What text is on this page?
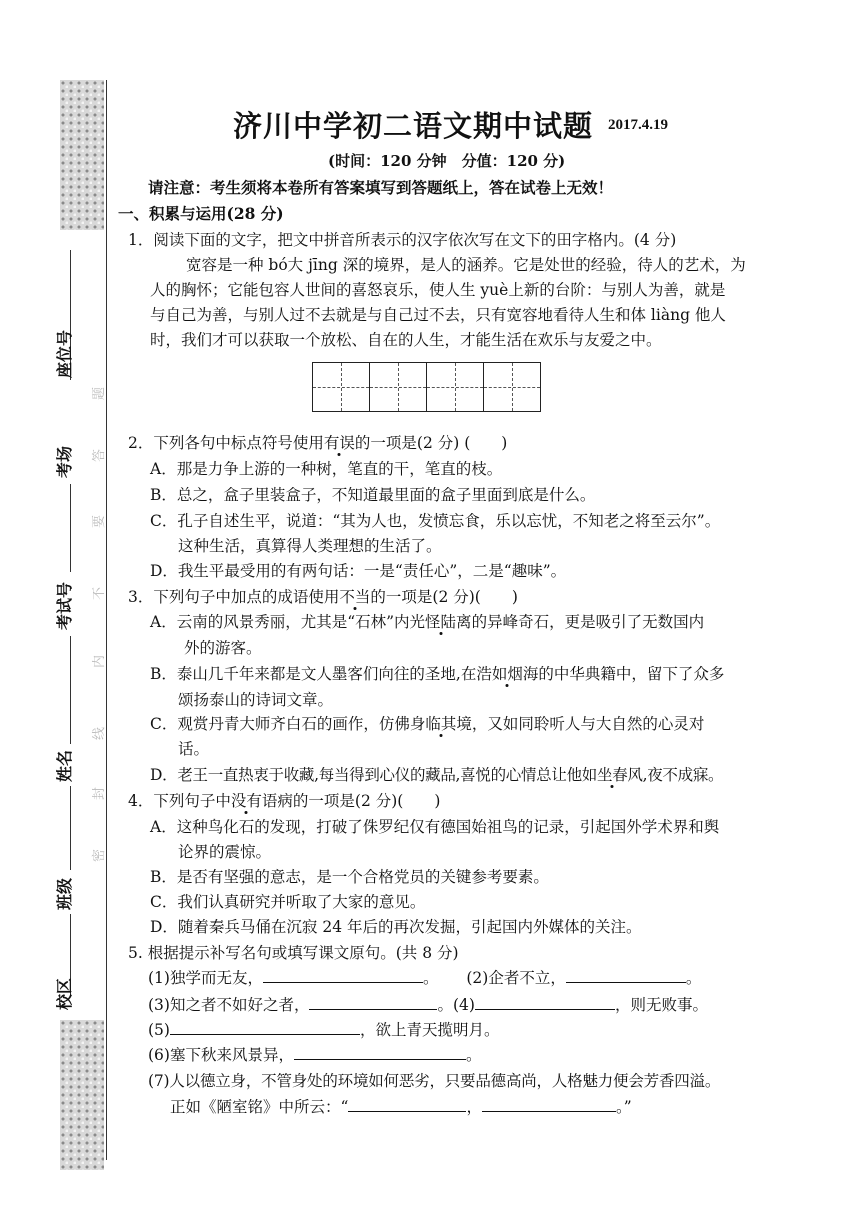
座位号
考场
考试号
姓名
班级
校区
题
答
要
不
内
线
封
密
济川中学初二语文期中试题 2017.4.19
(时间：120 分钟　分值：120 分)
请注意：考生须将本卷所有答案填写到答题纸上，答在试卷上无效！
一、积累与运用(28 分)
1．阅读下面的文字，把文中拼音所表示的汉字依次写在文下的田字格内。(4 分)
宽容是一种 bó大 jīng 深的境界，是人的涵养。它是处世的经验，待人的艺术，为
人的胸怀；它能包容人世间的喜怒哀乐，使人生 yuè上新的台阶：与别人为善，就是
与自己为善，与别人过不去就是与自己过不去，只有宽容地看待人生和体 liàng 他人
时，我们才可以获取一个放松、自在的人生，才能生活在欢乐与友爱之中。
2．下列各句中标点符号使用有误的一项是(2 分) (　　)
A．那是力争上游的一种树，笔直的干，笔直的枝。
B．总之，盒子里装盒子，不知道最里面的盒子里面到底是什么。
C．孔子自述生平，说道：“其为人也，发愤忘食，乐以忘忧，不知老之将至云尔”。
这种生活，真算得人类理想的生活了。
D．我生平最受用的有两句话：一是“责任心”，二是“趣味”。
3．下列句子中加点的成语使用不当的一项是(2 分)(　　)
A．云南的风景秀丽，尤其是“石林”内光怪陆离的异峰奇石，更是吸引了无数国内
外的游客。
B．泰山几千年来都是文人墨客们向往的圣地,在浩如烟海的中华典籍中，留下了众多
颂扬泰山的诗词文章。
C．观赏丹青大师齐白石的画作，仿佛身临其境，又如同聆听人与大自然的心灵对
话。
D．老王一直热衷于收藏,每当得到心仪的藏品,喜悦的心情总让他如坐春风,夜不成寐。
4．下列句子中没有语病的一项是(2 分)(　　)
A．这种鸟化石的发现，打破了侏罗纪仅有德国始祖鸟的记录，引起国外学术界和舆
论界的震惊。
B．是否有坚强的意志，是一个合格党员的关键参考要素。
C．我们认真研究并听取了大家的意见。
D．随着秦兵马俑在沉寂 24 年后的再次发掘，引起国内外媒体的关注。
5. 根据提示补写名句或填写课文原句。(共 8 分)
(1)独学而无友，	。 (2)企者不立，	。
(3)知之者不如好之者，	。(4)	，则无败事。
(5)	，欲上青天揽明月。
(6)塞下秋来风景异，	。
(7)人以德立身，不管身处的环境如何恶劣，只要品德高尚，人格魅力便会芳香四溢。
正如《陋室铭》中所云：“	，	。”
